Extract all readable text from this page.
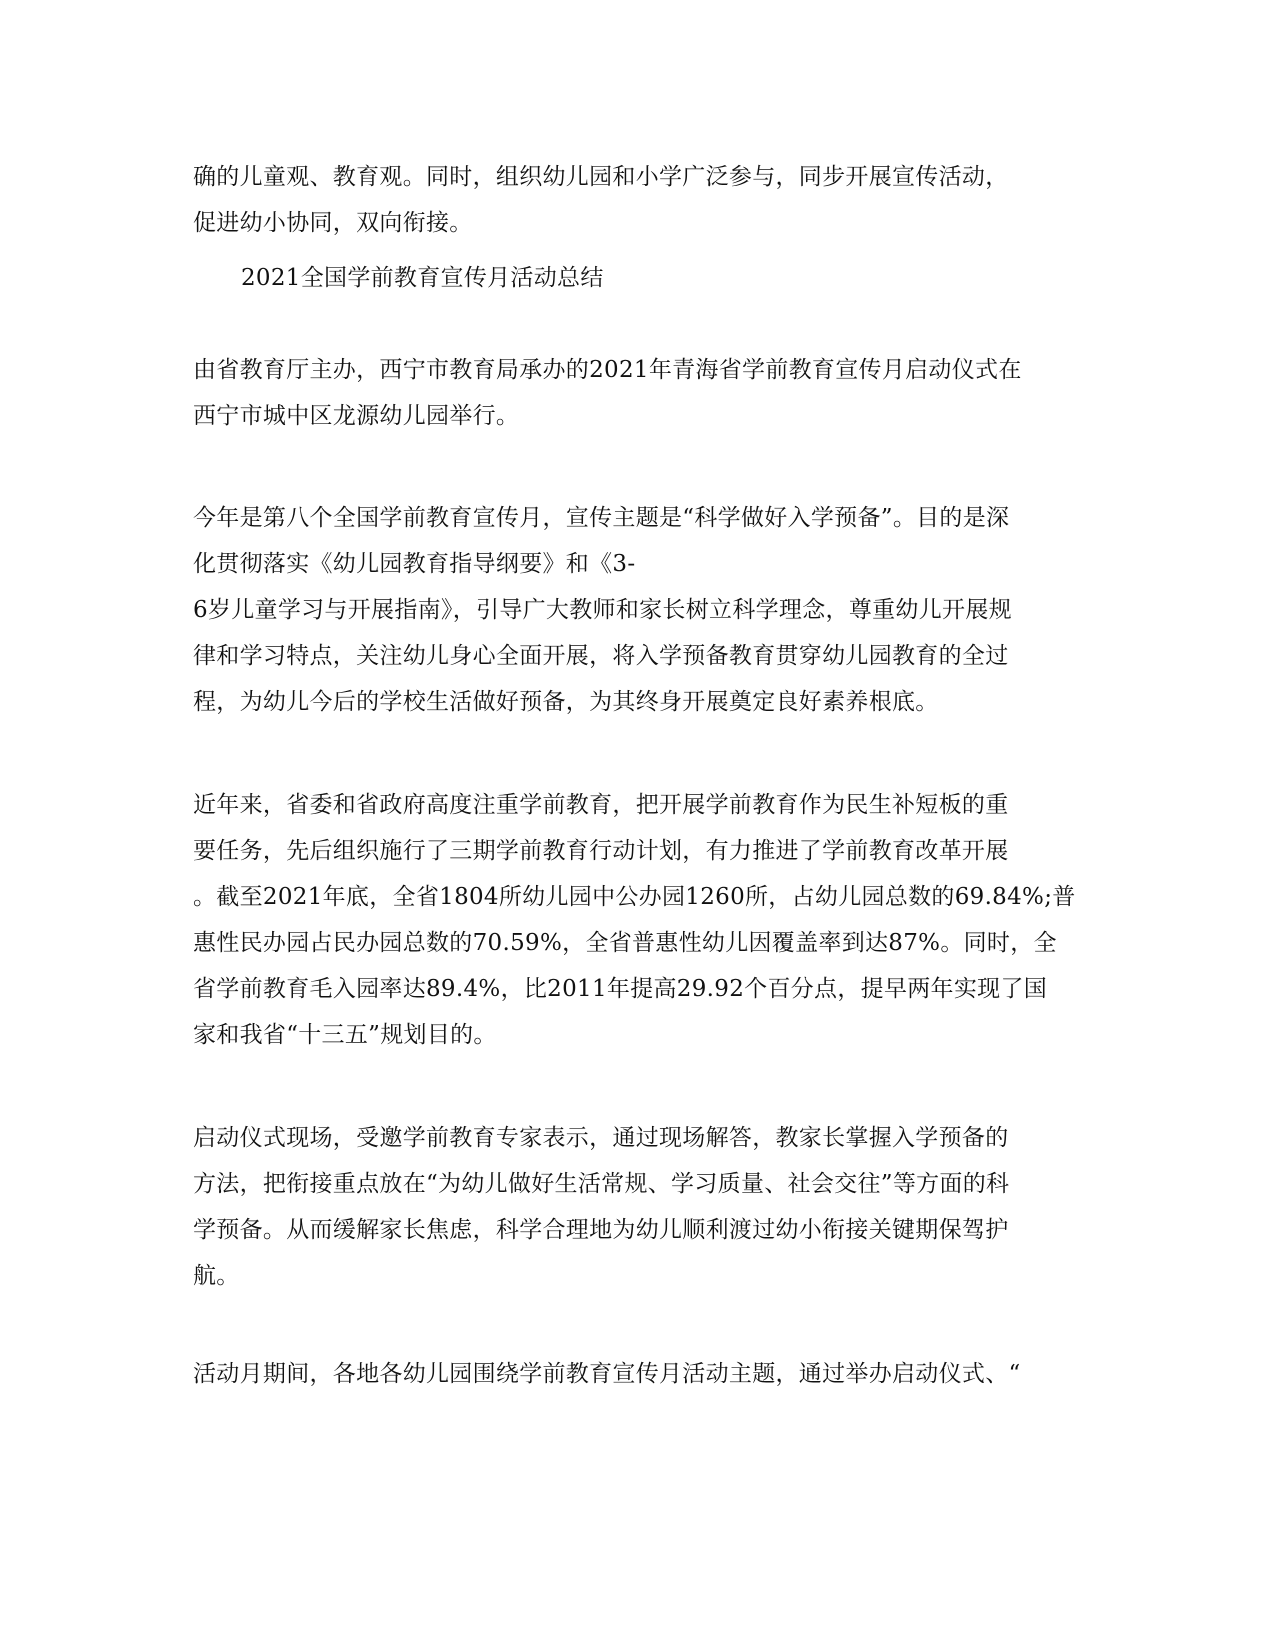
确的儿童观、教育观。同时，组织幼儿园和小学广泛参与，同步开展宣传活动，
促进幼小协同，双向衔接。

2021全国学前教育宣传月活动总结

由省教育厅主办，西宁市教育局承办的2021年青海省学前教育宣传月启动仪式在
西宁市城中区龙源幼儿园举行。

今年是第八个全国学前教育宣传月，宣传主题是“科学做好入学预备”。目的是深
化贯彻落实《幼儿园教育指导纲要》和《3-
6岁儿童学习与开展指南》，引导广大教师和家长树立科学理念，尊重幼儿开展规
律和学习特点，关注幼儿身心全面开展，将入学预备教育贯穿幼儿园教育的全过
程，为幼儿今后的学校生活做好预备，为其终身开展奠定良好素养根底。

近年来，省委和省政府高度注重学前教育，把开展学前教育作为民生补短板的重
要任务，先后组织施行了三期学前教育行动计划，有力推进了学前教育改革开展
。截至2021年底，全省1804所幼儿园中公办园1260所，占幼儿园总数的69.84%;普
惠性民办园占民办园总数的70.59%，全省普惠性幼儿因覆盖率到达87%。同时，全
省学前教育毛入园率达89.4%，比2011年提高29.92个百分点，提早两年实现了国
家和我省“十三五”规划目的。

启动仪式现场，受邀学前教育专家表示，通过现场解答，教家长掌握入学预备的
方法，把衔接重点放在“为幼儿做好生活常规、学习质量、社会交往”等方面的科
学预备。从而缓解家长焦虑，科学合理地为幼儿顺利渡过幼小衔接关键期保驾护
航。

活动月期间，各地各幼儿园围绕学前教育宣传月活动主题，通过举办启动仪式、“
